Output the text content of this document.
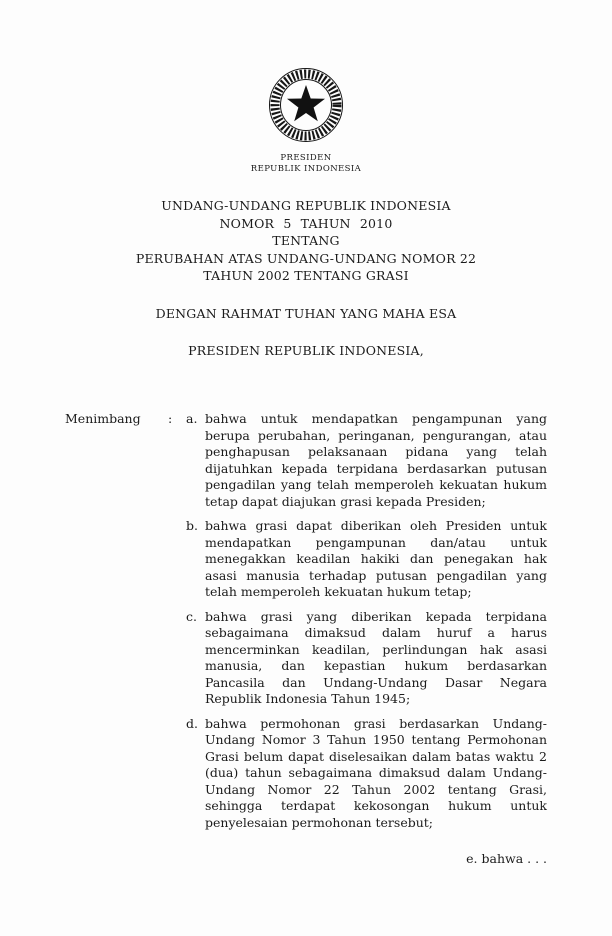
PRESIDEN
REPUBLIK INDONESIA
UNDANG-UNDANG REPUBLIK INDONESIA
NOMOR 5 TAHUN 2010
TENTANG
PERUBAHAN ATAS UNDANG-UNDANG NOMOR 22
TAHUN 2002 TENTANG GRASI
DENGAN RAHMAT TUHAN YANG MAHA ESA
PRESIDEN REPUBLIK INDONESIA,
Menimbang	:	a. bahwa untuk mendapatkan pengampunan yang berupa perubahan, peringanan, pengurangan, atau penghapusan pelaksanaan pidana yang telah dijatuhkan kepada terpidana berdasarkan putusan pengadilan yang telah memperoleh kekuatan hukum tetap dapat diajukan grasi kepada Presiden;
b. bahwa grasi dapat diberikan oleh Presiden untuk mendapatkan pengampunan dan/atau untuk menegakkan keadilan hakiki dan penegakan hak asasi manusia terhadap putusan pengadilan yang telah memperoleh kekuatan hukum tetap;
c. bahwa grasi yang diberikan kepada terpidana sebagaimana dimaksud dalam huruf a harus mencerminkan keadilan, perlindungan hak asasi manusia, dan kepastian hukum berdasarkan Pancasila dan Undang-Undang Dasar Negara Republik Indonesia Tahun 1945;
d. bahwa permohonan grasi berdasarkan Undang-Undang Nomor 3 Tahun 1950 tentang Permohonan Grasi belum dapat diselesaikan dalam batas waktu 2 (dua) tahun sebagaimana dimaksud dalam Undang-Undang Nomor 22 Tahun 2002 tentang Grasi, sehingga terdapat kekosongan hukum untuk penyelesaian permohonan tersebut;
e. bahwa . . .
